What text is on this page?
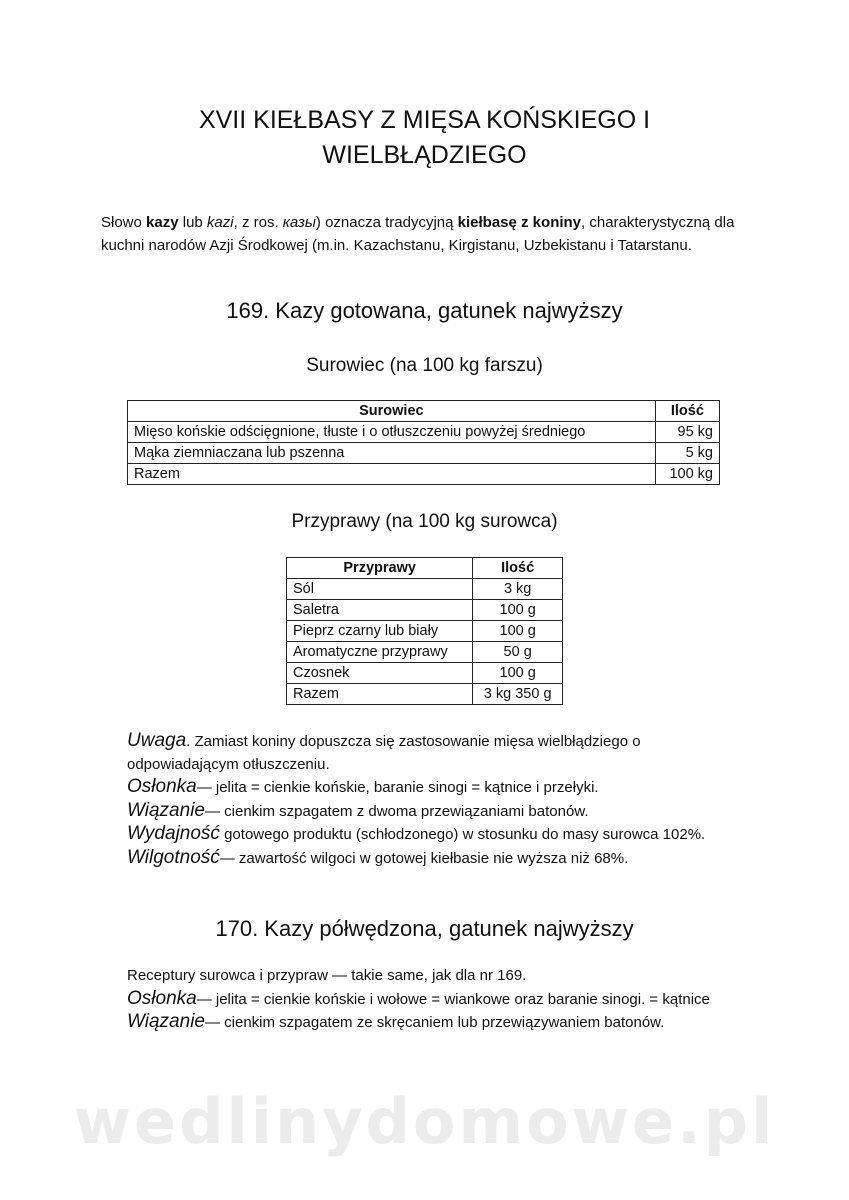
XVII KIEŁBASY Z MIĘSA KOŃSKIEGO I
WIELBŁĄDZIEGO

Słowo kazy lub kazi, z ros. казы) oznacza tradycyjną kiełbasę z koniny, charakterystyczną dla kuchni narodów Azji Środkowej (m.in. Kazachstanu, Kirgistanu, Uzbekistanu i Tatarstanu.

169. Kazy gotowana, gatunek najwyższy
Surowiec (na 100 kg farszu)
Surowiec	Ilość
Mięso końskie odścięgnione, tłuste i o otłuszczeniu powyżej średniego	95 kg
Mąka ziemniaczana lub pszenna	5 kg
Razem	100 kg
Przyprawy (na 100 kg surowca)
Przyprawy	Ilość
Sól	3 kg
Saletra	100 g
Pieprz czarny lub biały	100 g
Aromatyczne przyprawy	50 g
Czosnek	100 g
Razem	3 kg 350 g

Uwaga. Zamiast koniny dopuszcza się zastosowanie mięsa wielbłądziego o odpowiadającym otłuszczeniu.

Osłonka— jelita = cienkie końskie, baranie sinogi = kątnice i przełyki.

Wiązanie— cienkim szpagatem z dwoma przewiązaniami batonów.

Wydajność gotowego produktu (schłodzonego) w stosunku do masy surowca 102%.

Wilgotność— zawartość wilgoci w gotowej kiełbasie nie wyższa niż 68%.

170. Kazy półwędzona, gatunek najwyższy

Receptury surowca i przypraw — takie same, jak dla nr 169.

Osłonka— jelita = cienkie końskie i wołowe = wiankowe oraz baranie sinogi. = kątnice

Wiązanie— cienkim szpagatem ze skręcaniem lub przewiązywaniem batonów.

wedlinydomowe.pl
